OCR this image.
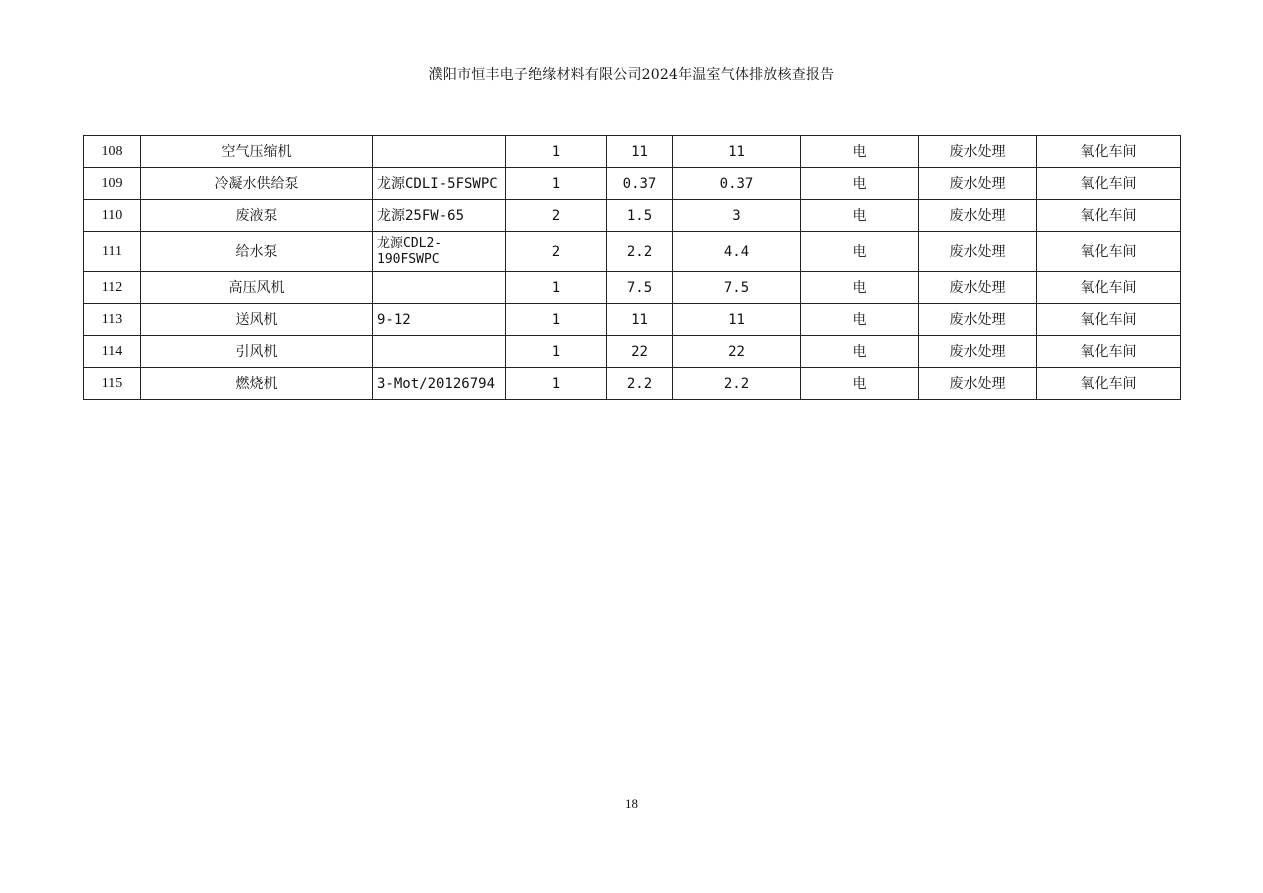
濮阳市恒丰电子绝缘材料有限公司2024年温室气体排放核查报告
108	空气压缩机		1	11	11	电	废水处理	氧化车间
109	冷凝水供给泵	龙源CDLI-5FSWPC	1	0.37	0.37	电	废水处理	氧化车间
110	废液泵	龙源25FW-65	2	1.5	3	电	废水处理	氧化车间
111	给水泵	龙源CDL2-190FSWPC	2	2.2	4.4	电	废水处理	氧化车间
112	高压风机		1	7.5	7.5	电	废水处理	氧化车间
113	送风机	9-12	1	11	11	电	废水处理	氧化车间
114	引风机		1	22	22	电	废水处理	氧化车间
115	燃烧机	3-Mot/20126794	1	2.2	2.2	电	废水处理	氧化车间
18
